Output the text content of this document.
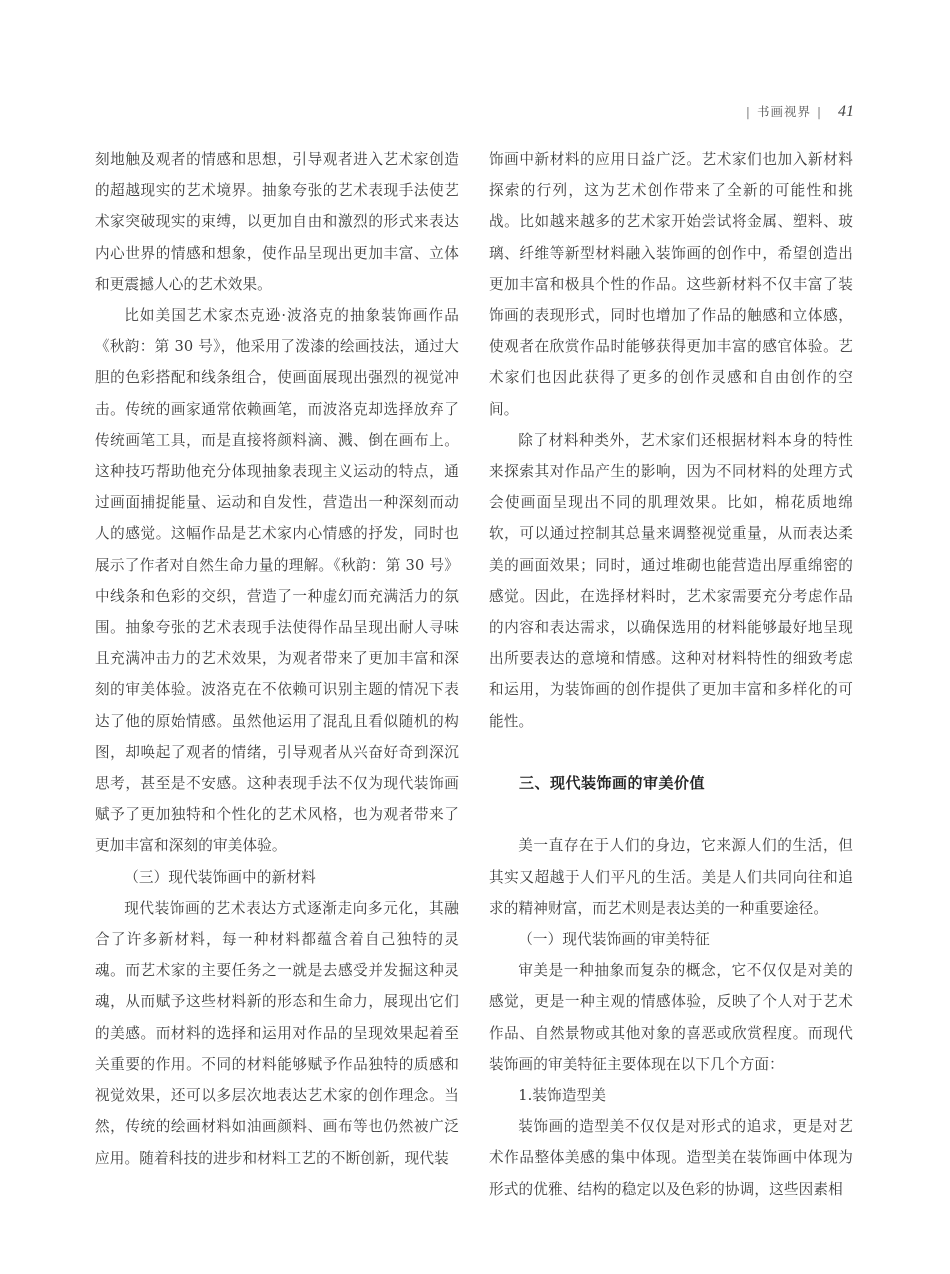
| 书画视界 | 41

刻地触及观者的情感和思想，引导观者进入艺术家创造的超越现实的艺术境界。抽象夸张的艺术表现手法使艺术家突破现实的束缚，以更加自由和激烈的形式来表达内心世界的情感和想象，使作品呈现出更加丰富、立体和更震撼人心的艺术效果。

比如美国艺术家杰克逊·波洛克的抽象装饰画作品《秋韵：第 30 号》，他采用了泼漆的绘画技法，通过大胆的色彩搭配和线条组合，使画面展现出强烈的视觉冲击。传统的画家通常依赖画笔，而波洛克却选择放弃了传统画笔工具，而是直接将颜料滴、溅、倒在画布上。这种技巧帮助他充分体现抽象表现主义运动的特点，通过画面捕捉能量、运动和自发性，营造出一种深刻而动人的感觉。这幅作品是艺术家内心情感的抒发，同时也展示了作者对自然生命力量的理解。《秋韵：第 30 号》中线条和色彩的交织，营造了一种虚幻而充满活力的氛围。抽象夸张的艺术表现手法使得作品呈现出耐人寻味且充满冲击力的艺术效果，为观者带来了更加丰富和深刻的审美体验。波洛克在不依赖可识别主题的情况下表达了他的原始情感。虽然他运用了混乱且看似随机的构图，却唤起了观者的情绪，引导观者从兴奋好奇到深沉思考，甚至是不安感。这种表现手法不仅为现代装饰画赋予了更加独特和个性化的艺术风格，也为观者带来了更加丰富和深刻的审美体验。

（三）现代装饰画中的新材料

现代装饰画的艺术表达方式逐渐走向多元化，其融合了许多新材料，每一种材料都蕴含着自己独特的灵魂。而艺术家的主要任务之一就是去感受并发掘这种灵魂，从而赋予这些材料新的形态和生命力，展现出它们的美感。而材料的选择和运用对作品的呈现效果起着至关重要的作用。不同的材料能够赋予作品独特的质感和视觉效果，还可以多层次地表达艺术家的创作理念。当然，传统的绘画材料如油画颜料、画布等也仍然被广泛应用。随着科技的进步和材料工艺的不断创新，现代装

饰画中新材料的应用日益广泛。艺术家们也加入新材料探索的行列，这为艺术创作带来了全新的可能性和挑战。比如越来越多的艺术家开始尝试将金属、塑料、玻璃、纤维等新型材料融入装饰画的创作中，希望创造出更加丰富和极具个性的作品。这些新材料不仅丰富了装饰画的表现形式，同时也增加了作品的触感和立体感，使观者在欣赏作品时能够获得更加丰富的感官体验。艺术家们也因此获得了更多的创作灵感和自由创作的空间。

除了材料种类外，艺术家们还根据材料本身的特性来探索其对作品产生的影响，因为不同材料的处理方式会使画面呈现出不同的肌理效果。比如，棉花质地绵软，可以通过控制其总量来调整视觉重量，从而表达柔美的画面效果；同时，通过堆砌也能营造出厚重绵密的感觉。因此，在选择材料时，艺术家需要充分考虑作品的内容和表达需求，以确保选用的材料能够最好地呈现出所要表达的意境和情感。这种对材料特性的细致考虑和运用，为装饰画的创作提供了更加丰富和多样化的可能性。

三、现代装饰画的审美价值

美一直存在于人们的身边，它来源人们的生活，但其实又超越于人们平凡的生活。美是人们共同向往和追求的精神财富，而艺术则是表达美的一种重要途径。

（一）现代装饰画的审美特征

审美是一种抽象而复杂的概念，它不仅仅是对美的感觉，更是一种主观的情感体验，反映了个人对于艺术作品、自然景物或其他对象的喜恶或欣赏程度。而现代装饰画的审美特征主要体现在以下几个方面：

1.装饰造型美

装饰画的造型美不仅仅是对形式的追求，更是对艺术作品整体美感的集中体现。造型美在装饰画中体现为形式的优雅、结构的稳定以及色彩的协调，这些因素相
